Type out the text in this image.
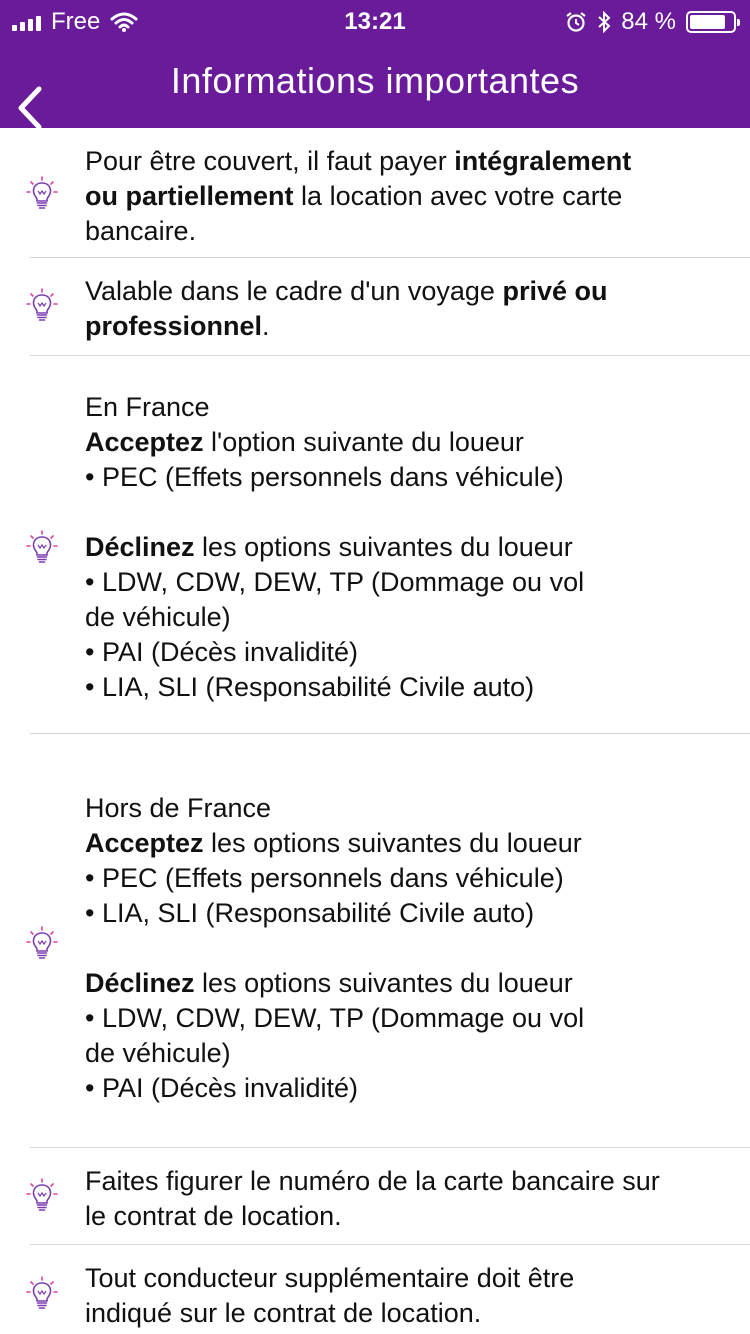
Free	13:21	84 %
Informations importantes
Pour être couvert, il faut payer intégralement
ou partiellement la location avec votre carte
bancaire.
Valable dans le cadre d'un voyage privé ou
professionnel.
En France
Acceptez l'option suivante du loueur
• PEC (Effets personnels dans véhicule)

Déclinez les options suivantes du loueur
• LDW, CDW, DEW, TP (Dommage ou vol
de véhicule)
• PAI (Décès invalidité)
• LIA, SLI (Responsabilité Civile auto)
Hors de France
Acceptez les options suivantes du loueur
• PEC (Effets personnels dans véhicule)
• LIA, SLI (Responsabilité Civile auto)

Déclinez les options suivantes du loueur
• LDW, CDW, DEW, TP (Dommage ou vol
de véhicule)
• PAI (Décès invalidité)
Faites figurer le numéro de la carte bancaire sur
le contrat de location.
Tout conducteur supplémentaire doit être
indiqué sur le contrat de location.
